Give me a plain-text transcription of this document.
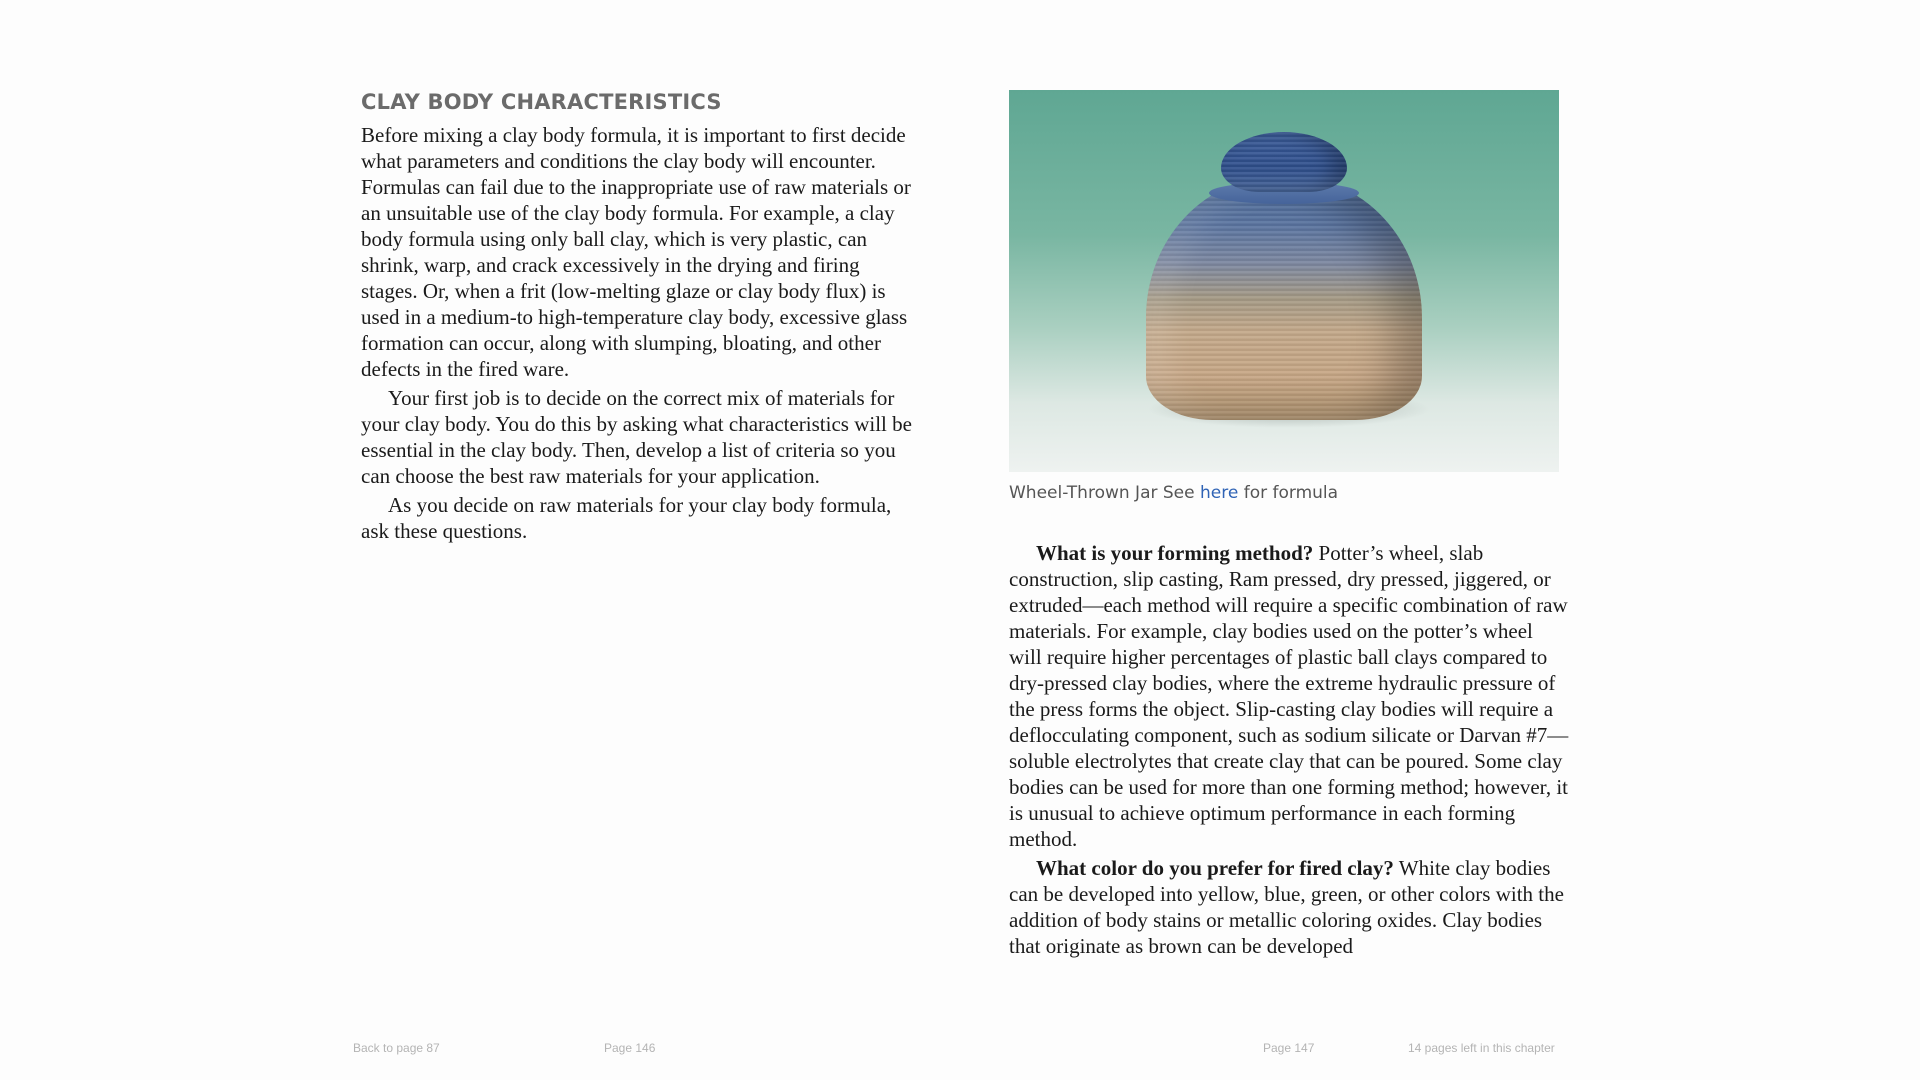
CLAY BODY CHARACTERISTICS

Before mixing a clay body formula, it is important to first decide what parameters and conditions the clay body will encounter. Formulas can fail due to the inappropriate use of raw materials or an unsuitable use of the clay body formula. For example, a clay body formula using only ball clay, which is very plastic, can shrink, warp, and crack excessively in the drying and firing stages. Or, when a frit (low-melting glaze or clay body flux) is used in a medium-to high-temperature clay body, excessive glass formation can occur, along with slumping, bloating, and other defects in the fired ware.

Your first job is to decide on the correct mix of materials for your clay body. You do this by asking what characteristics will be essential in the clay body. Then, develop a list of criteria so you can choose the best raw materials for your application.

As you decide on raw materials for your clay body formula, ask these questions.

Back to page 87	Page 146
Wheel-Thrown Jar See here for formula

What is your forming method? Potter’s wheel, slab construction, slip casting, Ram pressed, dry pressed, jiggered, or extruded—each method will require a specific combination of raw materials. For example, clay bodies used on the potter’s wheel will require higher percentages of plastic ball clays compared to dry-pressed clay bodies, where the extreme hydraulic pressure of the press forms the object. Slip-casting clay bodies will require a deflocculating component, such as sodium silicate or Darvan #7—soluble electrolytes that create clay that can be poured. Some clay bodies can be used for more than one forming method; however, it is unusual to achieve optimum performance in each forming method.

What color do you prefer for fired clay? White clay bodies can be developed into yellow, blue, green, or other colors with the addition of body stains or metallic coloring oxides. Clay bodies that originate as brown can be developed

Page 147	14 pages left in this chapter
